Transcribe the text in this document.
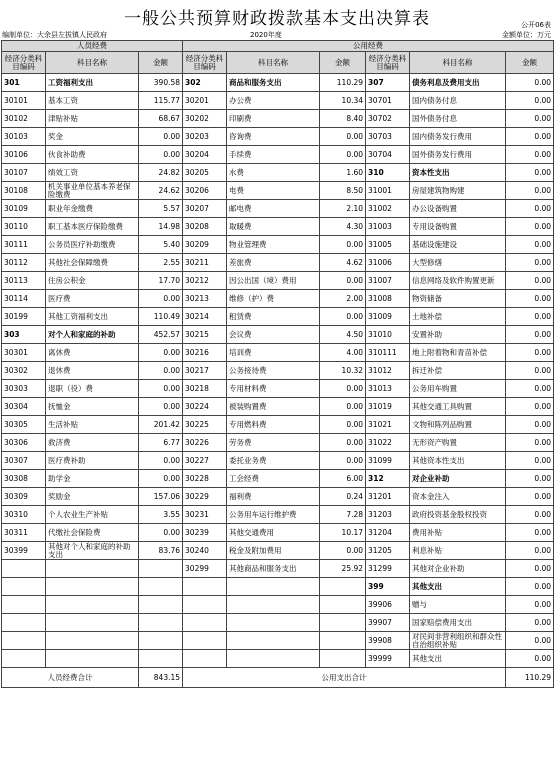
一般公共预算财政拨款基本支出决算表	公开06表
编制单位：大余县左拔镇人民政府	2020年度	金额单位：万元
人员经费			公用经费					
经济分类科目编码	科目名称	金额	经济分类科目编码	科目名称	金额	经济分类科目编码	科目名称	金额
301	工资福利支出	390.58	302	商品和服务支出	110.29	307	债务利息及费用支出	0.00
30101	基本工资	115.77	30201	办公费	10.34	30701	国内债务付息	0.00
30102	津贴补贴	68.67	30202	印刷费	8.40	30702	国外债务付息	0.00
30103	奖金	0.00	30203	咨询费	0.00	30703	国内债务发行费用	0.00
30106	伙食补助费	0.00	30204	手续费	0.00	30704	国外债务发行费用	0.00
30107	绩效工资	24.82	30205	水费	1.60	310	资本性支出	0.00
30108	机关事业单位基本养老保险缴费	24.62	30206	电费	8.50	31001	房屋建筑物购建	0.00
30109	职业年金缴费	5.57	30207	邮电费	2.10	31002	办公设备购置	0.00
30110	职工基本医疗保险缴费	14.98	30208	取暖费	4.30	31003	专用设备购置	0.00
30111	公务员医疗补助缴费	5.40	30209	物业管理费	0.00	31005	基础设施建设	0.00
30112	其他社会保障缴费	2.55	30211	差旅费	4.62	31006	大型修缮	0.00
30113	住房公积金	17.70	30212	因公出国（境）费用	0.00	31007	信息网络及软件购置更新	0.00
30114	医疗费	0.00	30213	维修（护）费	2.00	31008	物资储备	0.00
30199	其他工资福利支出	110.49	30214	租赁费	0.00	31009	土地补偿	0.00
303	对个人和家庭的补助	452.57	30215	会议费	4.50	31010	安置补助	0.00
30301	离休费	0.00	30216	培训费	4.00	310111	地上附着物和青苗补偿	0.00
30302	退休费	0.00	30217	公务接待费	10.32	31012	拆迁补偿	0.00
30303	退职（役）费	0.00	30218	专用材料费	0.00	31013	公务用车购置	0.00
30304	抚恤金	0.00	30224	被装购置费	0.00	31019	其他交通工具购置	0.00
30305	生活补贴	201.42	30225	专用燃料费	0.00	31021	文物和陈列品购置	0.00
30306	救济费	6.77	30226	劳务费	0.00	31022	无形资产购置	0.00
30307	医疗费补助	0.00	30227	委托业务费	0.00	31099	其他资本性支出	0.00
30308	助学金	0.00	30228	工会经费	6.00	312	对企业补助	0.00
30309	奖励金	157.06	30229	福利费	0.24	31201	资本金注入	0.00
30310	个人农业生产补贴	3.55	30231	公务用车运行维护费	7.28	31203	政府投资基金股权投资	0.00
30311	代缴社会保险费	0.00	30239	其他交通费用	10.17	31204	费用补贴	0.00
30399	其他对个人和家庭的补助支出	83.76	30240	税金及附加费用	0.00	31205	利息补贴	0.00
			30299	其他商品和服务支出	25.92	31299	其他对企业补助	0.00
						399	其他支出	0.00
						39906	赠与	0.00
						39907	国家赔偿费用支出	0.00
						39908	对民间非营利组织和群众性自治组织补贴	0.00
						39999	其他支出	0.00
人员经费合计		843.15	公用支出合计					110.29
